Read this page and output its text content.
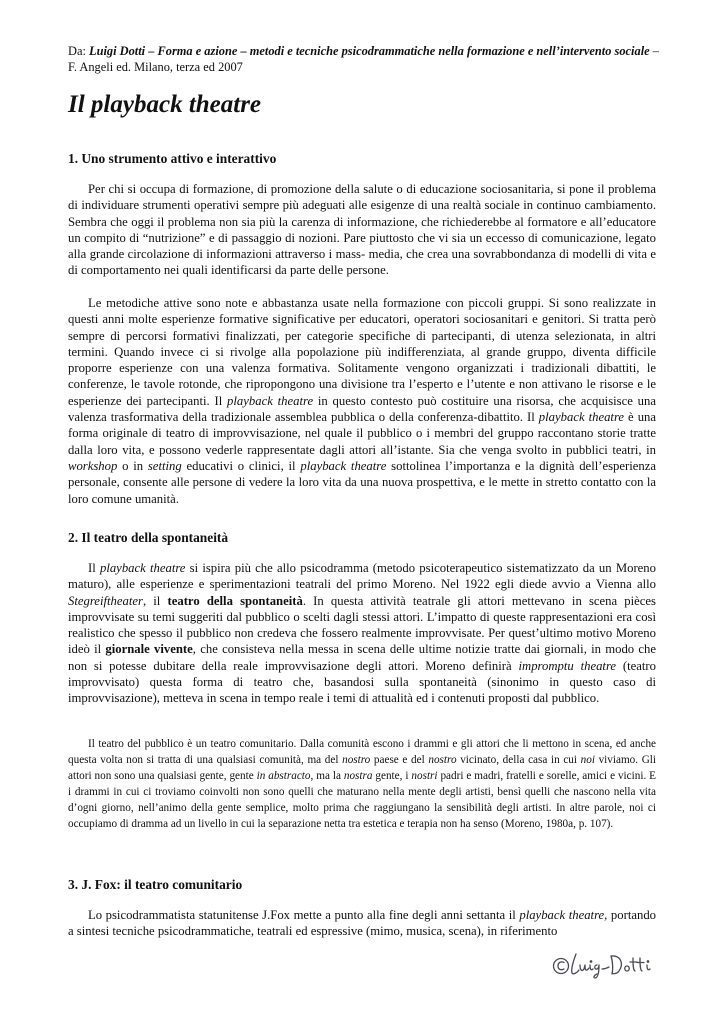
Da: Luigi Dotti – Forma e azione – metodi e tecniche psicodrammatiche nella formazione e nell’intervento sociale – F. Angeli ed. Milano, terza ed 2007
Il playback theatre
1. Uno strumento attivo e interattivo

Per chi si occupa di formazione, di promozione della salute o di educazione sociosanitaria, si pone il problema di individuare strumenti operativi sempre più adeguati alle esigenze di una realtà sociale in continuo cambiamento. Sembra che oggi il problema non sia più la carenza di informazione, che richiederebbe al formatore e all’educatore un compito di “nutrizione” e di passaggio di nozioni. Pare piuttosto che vi sia un eccesso di comunicazione, legato alla grande circolazione di informazioni attraverso i mass- media, che crea una sovrabbondanza di modelli di vita e di comportamento nei quali identificarsi da parte delle persone.

Le metodiche attive sono note e abbastanza usate nella formazione con piccoli gruppi. Si sono realizzate in questi anni molte esperienze formative significative per educatori, operatori sociosanitari e genitori. Si tratta però sempre di percorsi formativi finalizzati, per categorie specifiche di partecipanti, di utenza selezionata, in altri termini. Quando invece ci si rivolge alla popolazione più indifferenziata, al grande gruppo, diventa difficile proporre esperienze con una valenza formativa. Solitamente vengono organizzati i tradizionali dibattiti, le conferenze, le tavole rotonde, che ripropongono una divisione tra l’esperto e l’utente e non attivano le risorse e le esperienze dei partecipanti. Il playback theatre in questo contesto può costituire una risorsa, che acquisisce una valenza trasformativa della tradizionale assemblea pubblica o della conferenza-dibattito. Il playback theatre è una forma originale di teatro di improvvisazione, nel quale il pubblico o i membri del gruppo raccontano storie tratte dalla loro vita, e possono vederle rappresentate dagli attori all’istante. Sia che venga svolto in pubblici teatri, in workshop o in setting educativi o clinici, il playback theatre sottolinea l’importanza e la dignità dell’esperienza personale, consente alle persone di vedere la loro vita da una nuova prospettiva, e le mette in stretto contatto con la loro comune umanità.

2. Il teatro della spontaneità

Il playback theatre si ispira più che allo psicodramma (metodo psicoterapeutico sistematizzato da un Moreno maturo), alle esperienze e sperimentazioni teatrali del primo Moreno. Nel 1922 egli diede avvio a Vienna allo Stegreiftheater, il teatro della spontaneità. In questa attività teatrale gli attori mettevano in scena pièces improvvisate su temi suggeriti dal pubblico o scelti dagli stessi attori. L’impatto di queste rappresentazioni era così realistico che spesso il pubblico non credeva che fossero realmente improvvisate. Per quest’ultimo motivo Moreno ideò il giornale vivente, che consisteva nella messa in scena delle ultime notizie tratte dai giornali, in modo che non si potesse dubitare della reale improvvisazione degli attori. Moreno definirà impromptu theatre (teatro improvvisato) questa forma di teatro che, basandosi sulla spontaneità (sinonimo in questo caso di improvvisazione), metteva in scena in tempo reale i temi di attualità ed i contenuti proposti dal pubblico.

Il teatro del pubblico è un teatro comunitario. Dalla comunità escono i drammi e gli attori che li mettono in scena, ed anche questa volta non si tratta di una qualsiasi comunità, ma del nostro paese e del nostro vicinato, della casa in cui noi viviamo. Gli attori non sono una qualsiasi gente, gente in abstracto, ma la nostra gente, i nostri padri e madri, fratelli e sorelle, amici e vicini. E i drammi in cui ci troviamo coinvolti non sono quelli che maturano nella mente degli artisti, bensì quelli che nascono nella vita d’ogni giorno, nell’animo della gente semplice, molto prima che raggiungano la sensibilità degli artisti. In altre parole, noi ci occupiamo di dramma ad un livello in cui la separazione netta tra estetica e terapia non ha senso (Moreno, 1980a, p. 107).

3. J. Fox: il teatro comunitario

Lo psicodrammatista statunitense J.Fox mette a punto alla fine degli anni settanta il playback theatre, portando a sintesi tecniche psicodrammatiche, teatrali ed espressive (mimo, musica, scena), in riferimento
